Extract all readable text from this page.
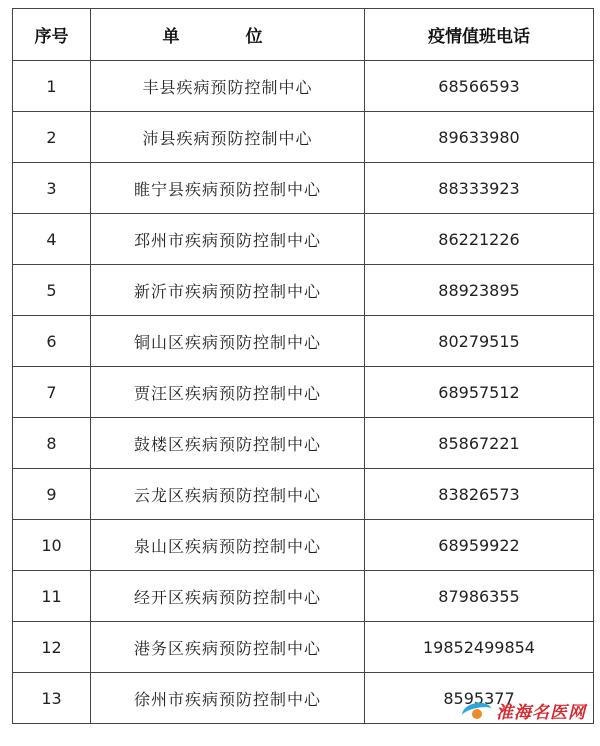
序号	单 位	疫情值班电话
1	丰县疾病预防控制中心	68566593
2	沛县疾病预防控制中心	89633980
3	睢宁县疾病预防控制中心	88333923
4	邳州市疾病预防控制中心	86221226
5	新沂市疾病预防控制中心	88923895
6	铜山区疾病预防控制中心	80279515
7	贾汪区疾病预防控制中心	68957512
8	鼓楼区疾病预防控制中心	85867221
9	云龙区疾病预防控制中心	83826573
10	泉山区疾病预防控制中心	68959922
11	经开区疾病预防控制中心	87986355
12	港务区疾病预防控制中心	19852499854
13	徐州市疾病预防控制中心	8595377
淮海名医网
